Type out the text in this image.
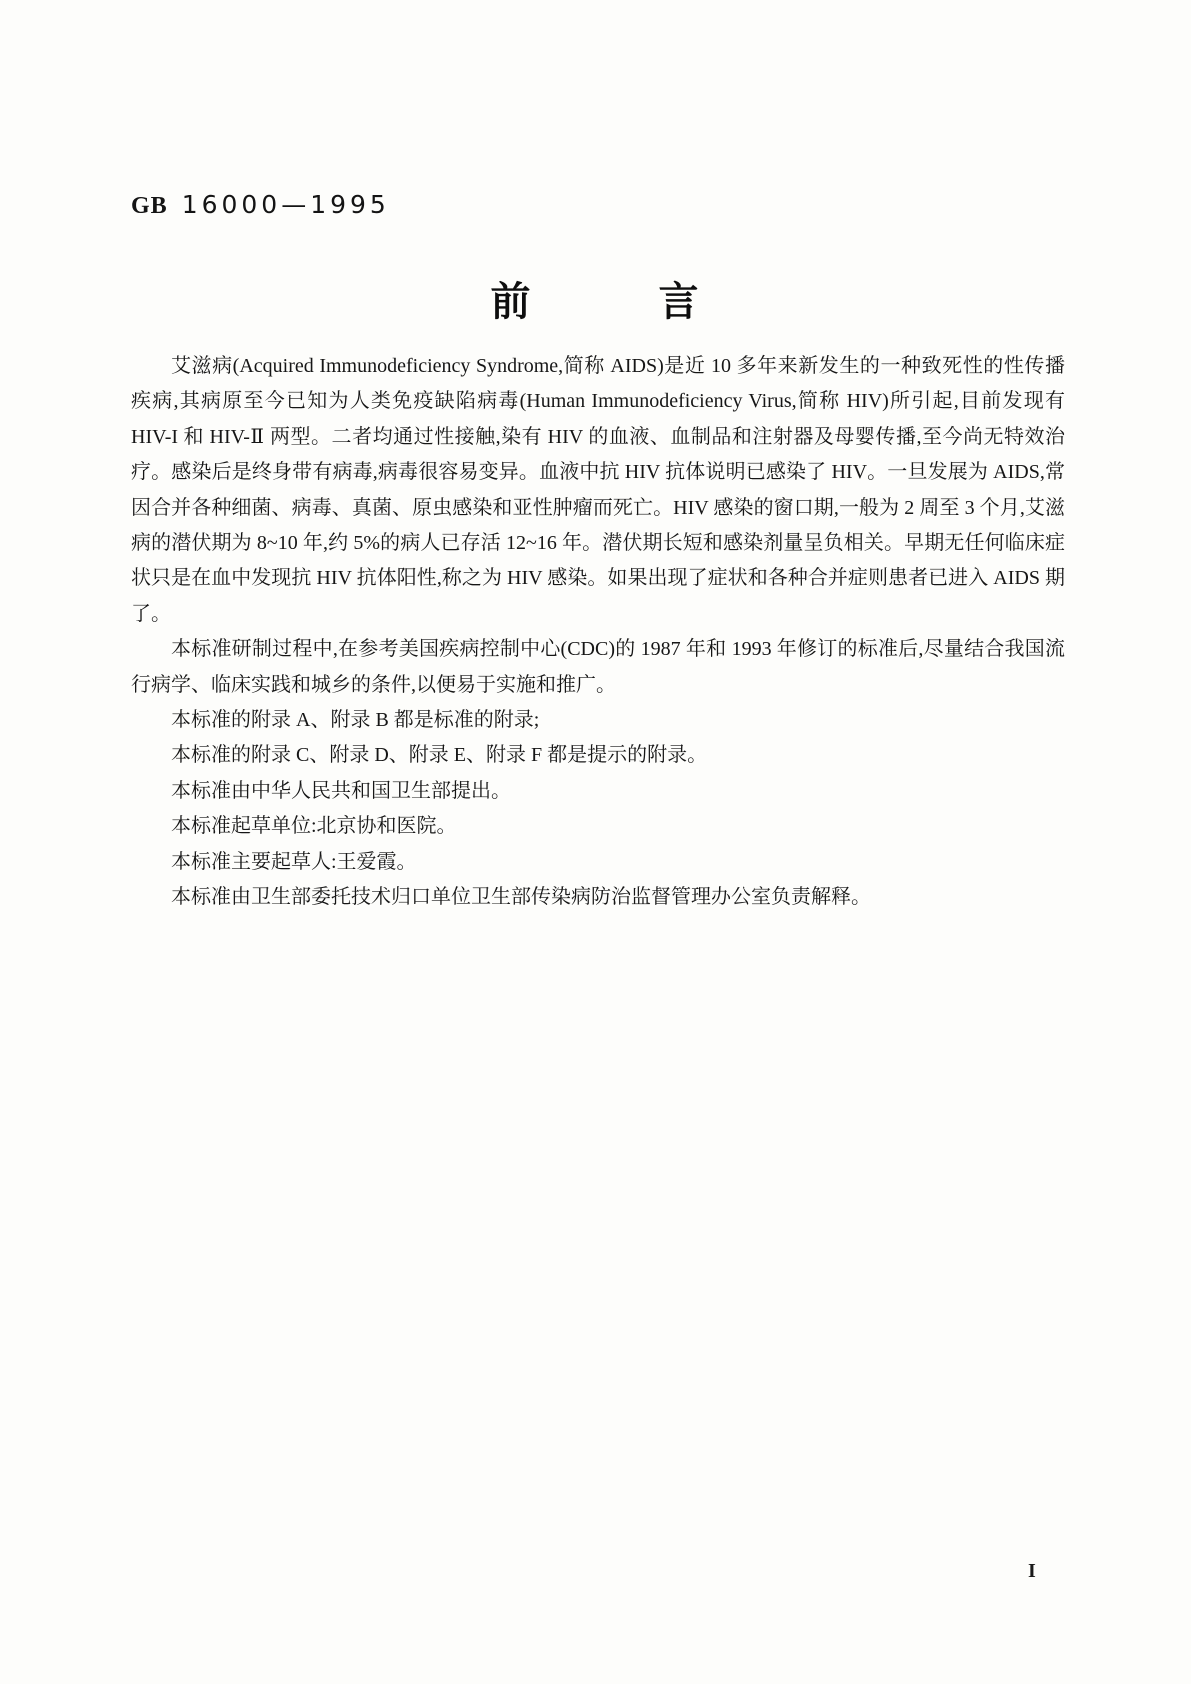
GB 16000—1995
前　　　言

艾滋病(Acquired Immunodeficiency Syndrome,简称 AIDS)是近 10 多年来新发生的一种致死性的性传播疾病,其病原至今已知为人类免疫缺陷病毒(Human Immunodeficiency Virus,简称 HIV)所引起,目前发现有 HIV-I 和 HIV-Ⅱ 两型。二者均通过性接触,染有 HIV 的血液、血制品和注射器及母婴传播,至今尚无特效治疗。感染后是终身带有病毒,病毒很容易变异。血液中抗 HIV 抗体说明已感染了 HIV。一旦发展为 AIDS,常因合并各种细菌、病毒、真菌、原虫感染和亚性肿瘤而死亡。HIV 感染的窗口期,一般为 2 周至 3 个月,艾滋病的潜伏期为 8~10 年,约 5%的病人已存活 12~16 年。潜伏期长短和感染剂量呈负相关。早期无任何临床症状只是在血中发现抗 HIV 抗体阳性,称之为 HIV 感染。如果出现了症状和各种合并症则患者已进入 AIDS 期了。

本标准研制过程中,在参考美国疾病控制中心(CDC)的 1987 年和 1993 年修订的标准后,尽量结合我国流行病学、临床实践和城乡的条件,以便易于实施和推广。

本标准的附录 A、附录 B 都是标准的附录;

本标准的附录 C、附录 D、附录 E、附录 F 都是提示的附录。

本标准由中华人民共和国卫生部提出。

本标准起草单位:北京协和医院。

本标准主要起草人:王爱霞。

本标准由卫生部委托技术归口单位卫生部传染病防治监督管理办公室负责解释。

I
